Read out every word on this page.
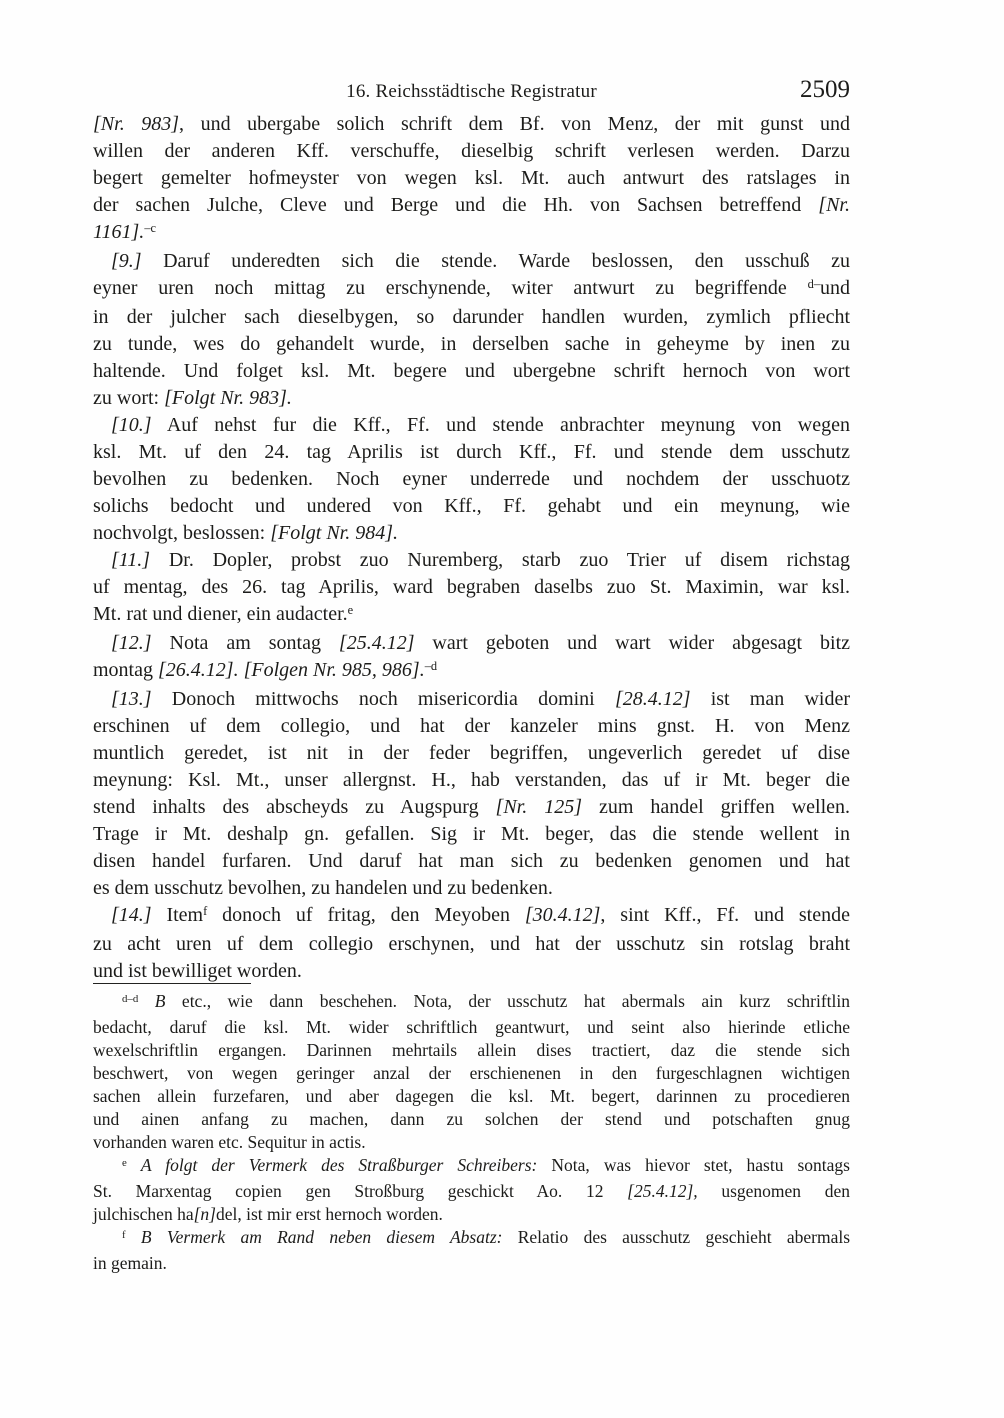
16. Reichsstädtische Registratur	2509
[Nr. 983], und ubergabe solich schrift dem Bf. von Menz, der mit gunst und
willen der anderen Kff. verschuffe, dieselbig schrift verlesen werden. Darzu
begert gemelter hofmeyster von wegen ksl. Mt. auch antwurt des ratslages in
der sachen Julche, Cleve und Berge und die Hh. von Sachsen betreffend [Nr.
1161].$^{-c}$
[9.] Daruf underedten sich die stende. Warde beslossen, den usschuß zu
eyner uren noch mittag zu erschynende, witer antwurt zu begriffende $^{d-}$und
in der julcher sach dieselbygen, so darunder handlen wurden, zymlich pfliecht
zu tunde, wes do gehandelt wurde, in derselben sache in geheyme by inen zu
haltende. Und folget ksl. Mt. begere und ubergebne schrift hernoch von wort
zu wort: [Folgt Nr. 983].
[10.] Auf nehst fur die Kff., Ff. und stende anbrachter meynung von wegen
ksl. Mt. uf den 24. tag Aprilis ist durch Kff., Ff. und stende dem usschutz
bevolhen zu bedenken. Noch eyner underrede und nochdem der usschuotz
solichs bedocht und undered von Kff., Ff. gehabt und ein meynung, wie
nochvolgt, beslossen: [Folgt Nr. 984].
[11.] Dr. Dopler, probst zuo Nuremberg, starb zuo Trier uf disem richstag
uf mentag, des 26. tag Aprilis, ward begraben daselbs zuo St. Maximin, war ksl.
Mt. rat und diener, ein audacter.$^e$
[12.] Nota am sontag [25.4.12] wart geboten und wart wider abgesagt bitz
montag [26.4.12]. [Folgen Nr. 985, 986].$^{-d}$
[13.] Donoch mittwochs noch misericordia domini [28.4.12] ist man wider
erschinen uf dem collegio, und hat der kanzeler mins gnst. H. von Menz
muntlich geredet, ist nit in der feder begriffen, ungeverlich geredet uf dise
meynung: Ksl. Mt., unser allergnst. H., hab verstanden, das uf ir Mt. beger die
stend inhalts des abscheyds zu Augspurg [Nr. 125] zum handel griffen wellen.
Trage ir Mt. deshalp gn. gefallen. Sig ir Mt. beger, das die stende wellent in
disen handel furfaren. Und daruf hat man sich zu bedenken genomen und hat
es dem usschutz bevolhen, zu handelen und zu bedenken.
[14.] Item$^f$ donoch uf fritag, den Meyoben [30.4.12], sint Kff., Ff. und stende
zu acht uren uf dem collegio erschynen, und hat der usschutz sin rotslag braht
und ist bewilliget worden.
$^{d-d}$ B etc., wie dann beschehen. Nota, der usschutz hat abermals ain kurz schriftlin
bedacht, daruf die ksl. Mt. wider schriftlich geantwurt, und seint also hierinde etliche
wexelschriftlin ergangen. Darinnen mehrtails allein dises tractiert, daz die stende sich
beschwert, von wegen geringer anzal der erschienenen in den furgeschlagnen wichtigen
sachen allein furzefaren, und aber dagegen die ksl. Mt. begert, darinnen zu procedieren
und ainen anfang zu machen, dann zu solchen der stend und potschaften gnug
vorhanden waren etc. Sequitur in actis.
$^e$ A folgt der Vermerk des Straßburger Schreibers: Nota, was hievor stet, hastu sontags
St. Marxentag copien gen Stroßburg geschickt Ao. 12 [25.4.12], usgenomen den
julchischen ha[n]del, ist mir erst hernoch worden.
$^f$ B Vermerk am Rand neben diesem Absatz: Relatio des ausschutz geschieht abermals
in gemain.
